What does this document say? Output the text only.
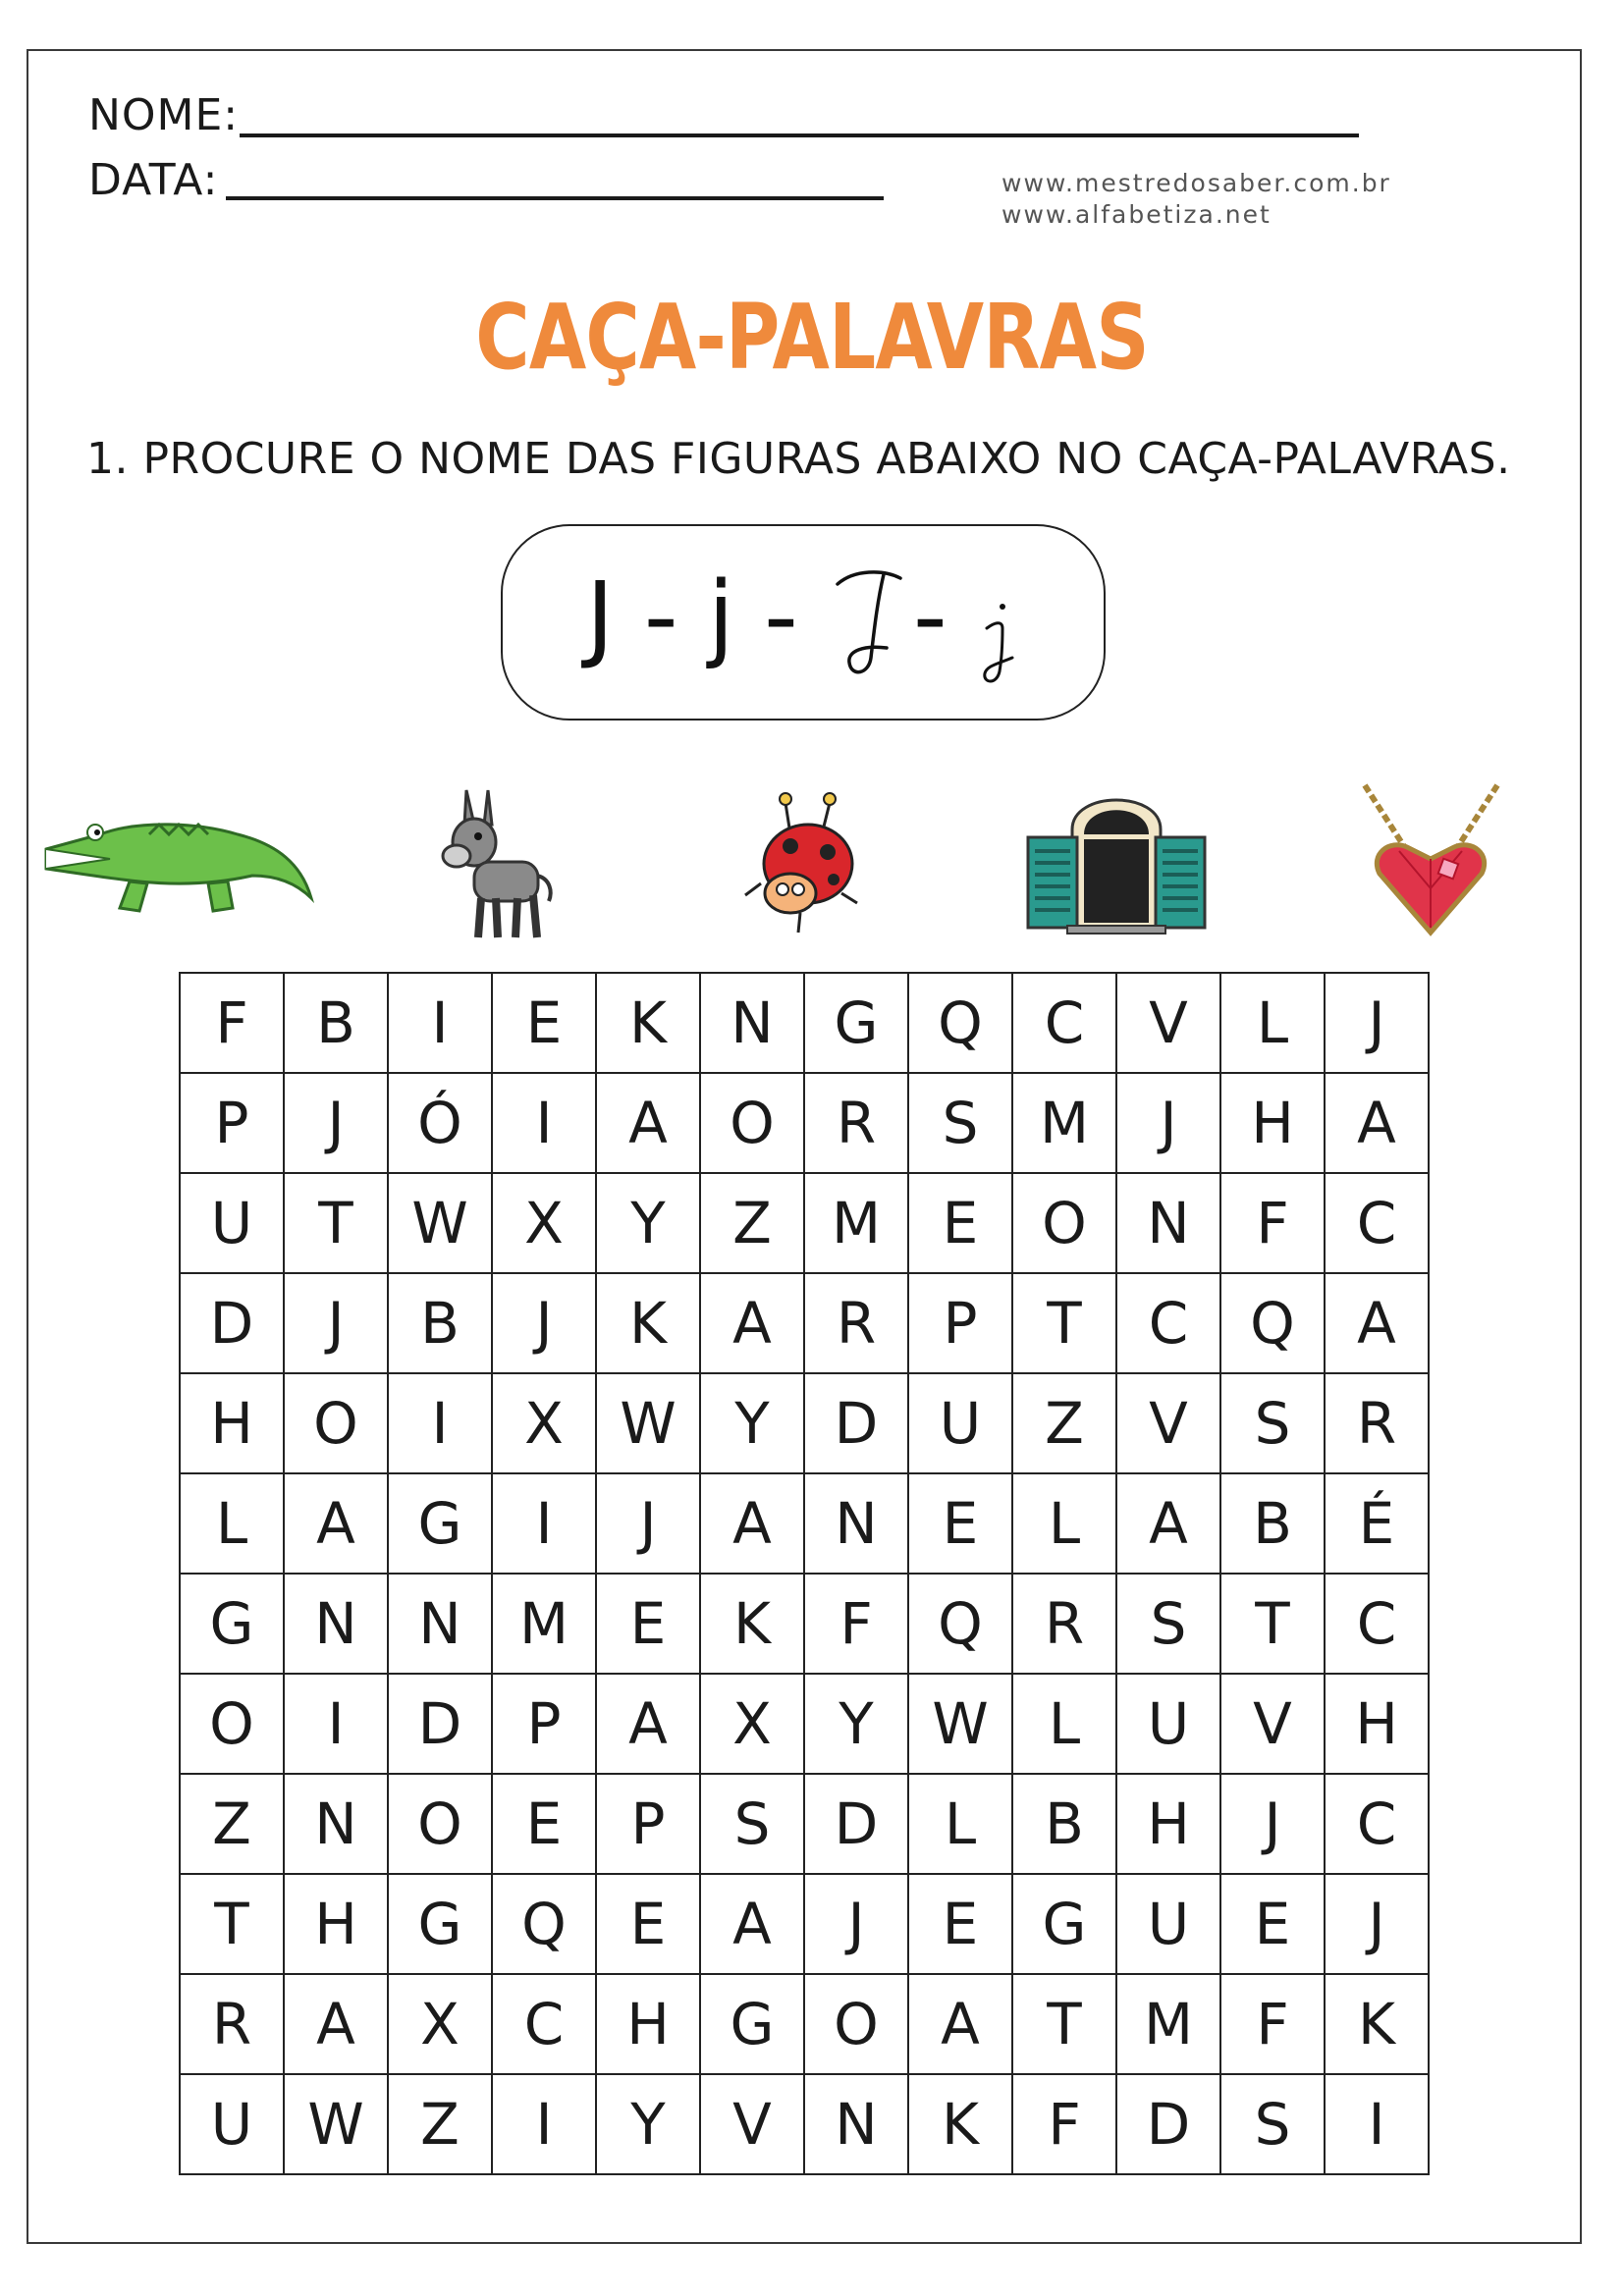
NOME:
DATA:	www.mestredosaber.com.br
www.alfabetiza.net
CAÇA-PALAVRAS
1. PROCURE O NOME DAS FIGURAS ABAIXO NO CAÇA-PALAVRAS.
J - j - -
F	B	I	E	K	N	G	Q	C	V	L	J
P	J	Ó	I	A	O	R	S	M	J	H	A
U	T	W	X	Y	Z	M	E	O	N	F	C
D	J	B	J	K	A	R	P	T	C	Q	A
H	O	I	X	W	Y	D	U	Z	V	S	R
L	A	G	I	J	A	N	E	L	A	B	É
G	N	N	M	E	K	F	Q	R	S	T	C
O	I	D	P	A	X	Y	W	L	U	V	H
Z	N	O	E	P	S	D	L	B	H	J	C
T	H	G	Q	E	A	J	E	G	U	E	J
R	A	X	C	H	G	O	A	T	M	F	K
U	W	Z	I	Y	V	N	K	F	D	S	I
